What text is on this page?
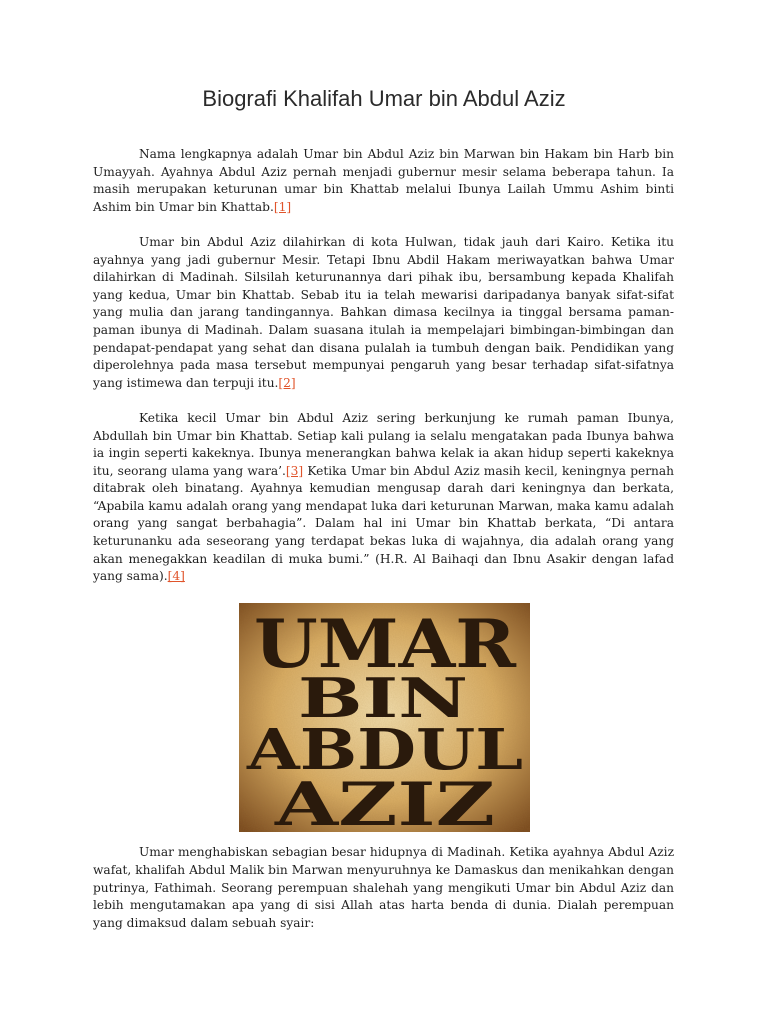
Biografi Khalifah Umar bin Abdul Aziz

Nama lengkapnya adalah Umar bin Abdul Aziz bin Marwan bin Hakam bin Harb bin Umayyah. Ayahnya Abdul Aziz pernah menjadi gubernur mesir selama beberapa tahun. Ia masih merupakan keturunan umar bin Khattab melalui Ibunya Lailah Ummu Ashim binti Ashim bin Umar bin Khattab.[1]

Umar bin Abdul Aziz dilahirkan di kota Hulwan, tidak jauh dari Kairo. Ketika itu ayahnya yang jadi gubernur Mesir. Tetapi Ibnu Abdil Hakam meriwayatkan bahwa Umar dilahirkan di Madinah. Silsilah keturunannya dari pihak ibu, bersambung kepada Khalifah yang kedua, Umar bin Khattab. Sebab itu ia telah mewarisi daripadanya banyak sifat-sifat yang mulia dan jarang tandingannya. Bahkan dimasa kecilnya ia tinggal bersama paman-paman ibunya di Madinah. Dalam suasana itulah ia mempelajari bimbingan-bimbingan dan pendapat-pendapat yang sehat dan disana pulalah ia tumbuh dengan baik. Pendidikan yang diperolehnya pada masa tersebut mempunyai pengaruh yang besar terhadap sifat-sifatnya yang istimewa dan terpuji itu.[2]

Ketika kecil Umar bin Abdul Aziz sering berkunjung ke rumah paman Ibunya, Abdullah bin Umar bin Khattab. Setiap kali pulang ia selalu mengatakan pada Ibunya bahwa ia ingin seperti kakeknya. Ibunya menerangkan bahwa kelak ia akan hidup seperti kakeknya itu, seorang ulama yang wara’.[3] Ketika Umar bin Abdul Aziz masih kecil, keningnya pernah ditabrak oleh binatang. Ayahnya kemudian mengusap darah dari keningnya dan berkata, “Apabila kamu adalah orang yang mendapat luka dari keturunan Marwan, maka kamu adalah orang yang sangat berbahagia”. Dalam hal ini Umar bin Khattab berkata, “Di antara keturunanku ada seseorang yang terdapat bekas luka di wajahnya, dia adalah orang yang akan menegakkan keadilan di muka bumi.” (H.R. Al Baihaqi dan Ibnu Asakir dengan lafad yang sama).[4]

UMAR
BIN
ABDUL
AZIZ

Umar menghabiskan sebagian besar hidupnya di Madinah. Ketika ayahnya Abdul Aziz wafat, khalifah Abdul Malik bin Marwan menyuruhnya ke Damaskus dan menikahkan dengan putrinya, Fathimah. Seorang perempuan shalehah yang mengikuti Umar bin Abdul Aziz dan lebih mengutamakan apa yang di sisi Allah atas harta benda di dunia. Dialah perempuan yang dimaksud dalam sebuah syair:
